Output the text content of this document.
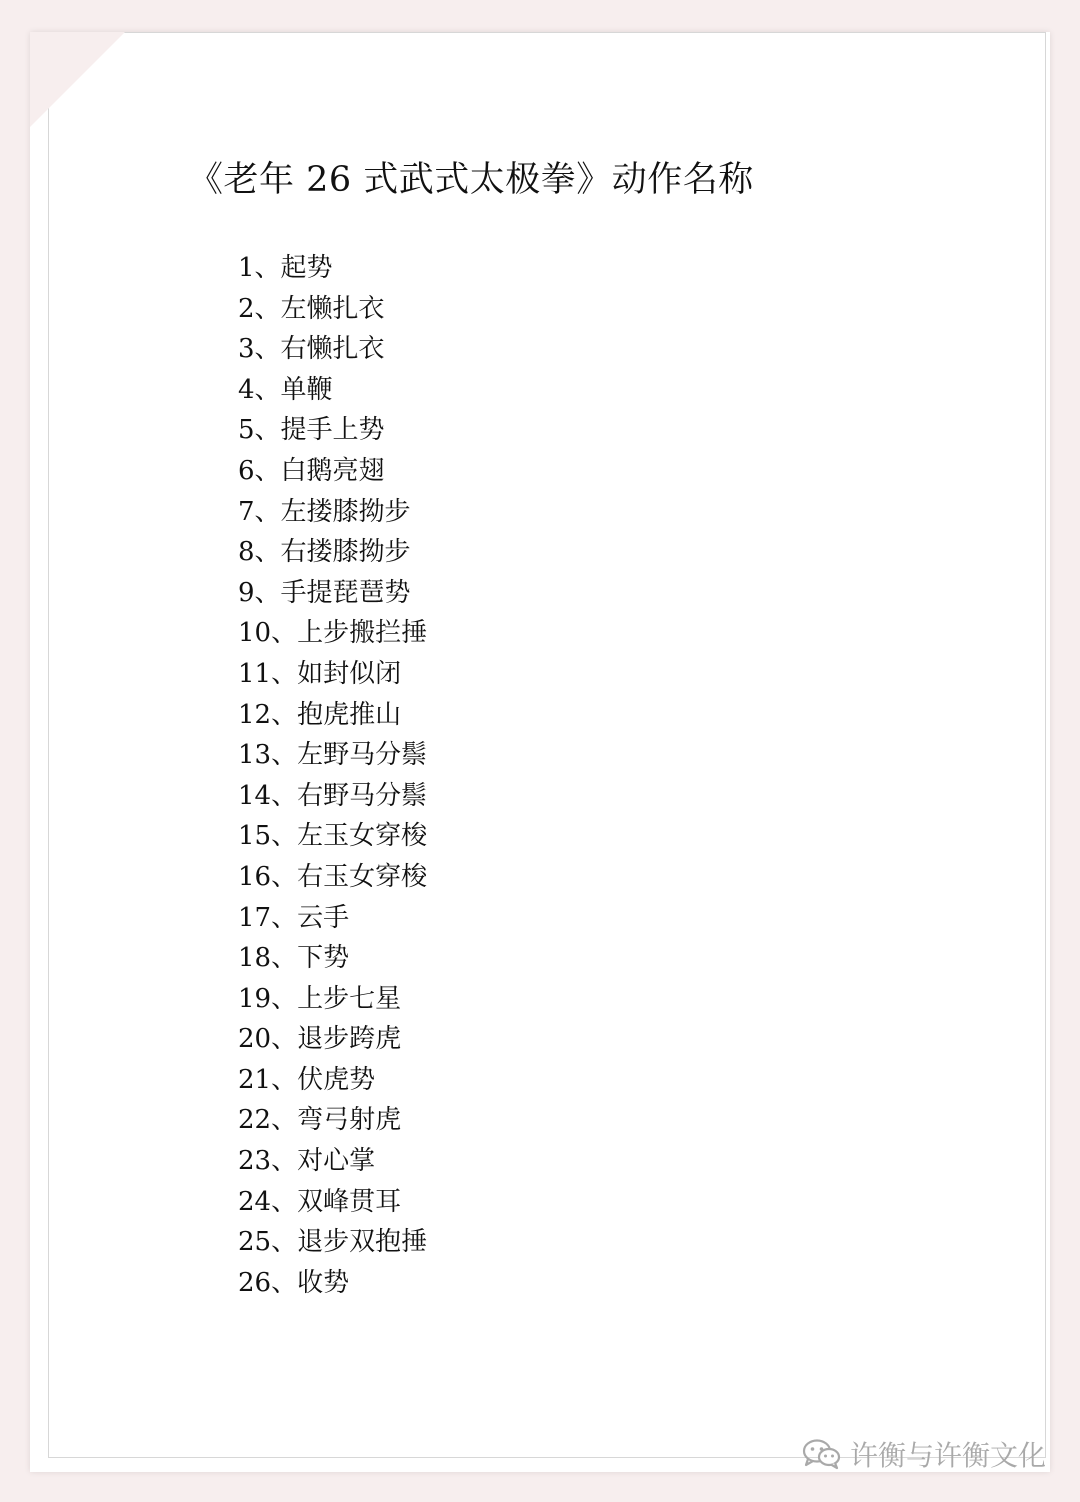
《老年 26 式武式太极拳》动作名称
1、起势
2、左懒扎衣
3、右懒扎衣
4、单鞭
5、提手上势
6、白鹅亮翅
7、左搂膝拗步
8、右搂膝拗步
9、手提琵琶势
10、上步搬拦捶
11、如封似闭
12、抱虎推山
13、左野马分鬃
14、右野马分鬃
15、左玉女穿梭
16、右玉女穿梭
17、云手
18、下势
19、上步七星
20、退步跨虎
21、伏虎势
22、弯弓射虎
23、对心掌
24、双峰贯耳
25、退步双抱捶
26、收势
许衡与许衡文化
